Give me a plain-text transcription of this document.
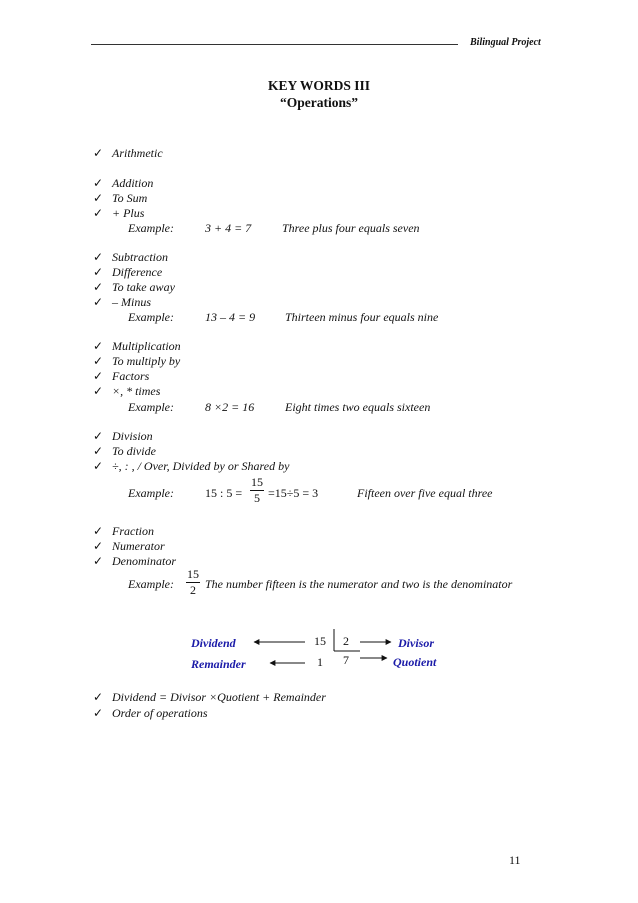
Bilingual Project
KEY WORDS III
“Operations”
✓ Arithmetic
✓ Addition
✓ To Sum
✓ + Plus
Example:	3 + 4 = 7	Three plus four equals seven
✓ Subtraction
✓ Difference
✓ To take away
✓ – Minus
Example:	13 – 4 = 9 Thirteen minus four equals nine
✓ Multiplication
✓ To multiply by
✓ Factors
✓ ×, * times
Example:	8 ×2 = 16	Eight times two equals sixteen
✓ Division
✓ To divide
✓ ÷, : , / Over, Divided by or Shared by
Example:	15 : 5 =
15
5 =15÷5 = 3	Fifteen over five equal three
✓ Fraction
✓ Numerator
✓ Denominator
Example:
15
2 The number fifteen is the numerator and two is the denominator
Dividend
Remainder
Divisor
Quotient
15 2
1 7
✓ Dividend = Divisor ×Quotient + Remainder
✓ Order of operations
11
